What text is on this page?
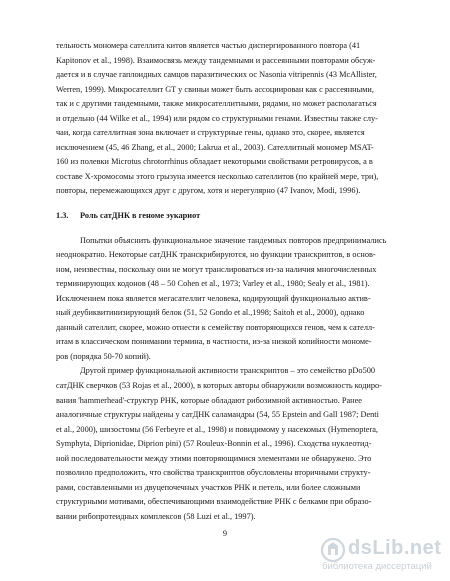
тельность мономера сателлита китов является частью диспергированного повтора (41
Kapitonov et al., 1998). Взаимосвязь между тандемными и рассеянными повторами обсуж-
дается и в случае гаплоидных самцов паразитических ос Nasonia vitripennis (43 McAllister,
Werren, 1999). Микросателлит GT у свиньи может быть ассоциирован как с рассеянными,
так и с другими тандемными, также микросателлитными, рядами, но может располагаться
и отдельно (44 Wilke et al., 1994) или рядом со структурными генами. Известны также слу-
чаи, когда сателлитная зона включает и структурные гены, однако это, скорее, является
исключением (45, 46 Zhang, et al., 2000; Lakrua et al., 2003). Сателлитный мономер MSAT-
160 из полевки Microtus chrotorrhinus обладает некоторыми свойствами ретровирусов, а в
составе X-хромосомы этого грызуна имеется несколько сателлитов (по крайней мере, три),
повторы, перемежающихся друг с другом, хотя и нерегулярно (47 Ivanov, Modi, 1996).
1.3. Роль сатДНК в геноме эукариот
Попытки объяснить функциональное значение тандемных повторов предпринимались
неоднократно. Некоторые сатДНК транскрибируются, но функции транскриптов, в основ-
ном, неизвестны, поскольку они не могут транслироваться из-за наличия многочисленных
терминирующих кодонов (48 – 50 Cohen et al., 1973; Varley et al., 1980; Sealy et al., 1981).
Исключением пока является мегасателлит человека, кодирующий функционально актив-
ный деубиквитинизирующий белок (51, 52 Gondo et al.,1998; Saitoh et al., 2000), однако
данный сателлит, скорее, можно отнести к семейству повторяющихся генов, чем к сателл-
итам в классическом понимании термина, в частности, из-за низкой копийности мономе-
ров (порядка 50-70 копий).
Другой пример функциональной активности транскриптов – это семейство pDo500
сатДНК сверчков (53 Rojas et al., 2000), в которых авторы обнаружили возможность кодиро-
вания 'hammerhead'-структур РНК, которые обладают рибозимной активностью. Ранее
аналогичные структуры найдены у сатДНК саламандры (54, 55 Epstein and Gall 1987; Denti
et al., 2000), шизостомы (56 Ferbeyre et al., 1998) и повидимому у насекомых (Hymenoptera,
Symphyta, Diprionidae, Diprion pini) (57 Rouleux-Bonnin et al., 1996). Сходства нуклеотид-
ной последовательности между этими повторяющимися элементами не обнаружено. Это
позволило предположить, что свойства транскриптов обусловлены вторичными структу-
рами, составленными из двуцепочечных участков РНК и петель, или более сложными
структурными мотивами, обеспечивающими взаимодействие РНК с белками при образо-
вании рибопротеидных комплексов (58 Luzi et al., 1997).
9
dsLib.net
библиотека диссертаций
